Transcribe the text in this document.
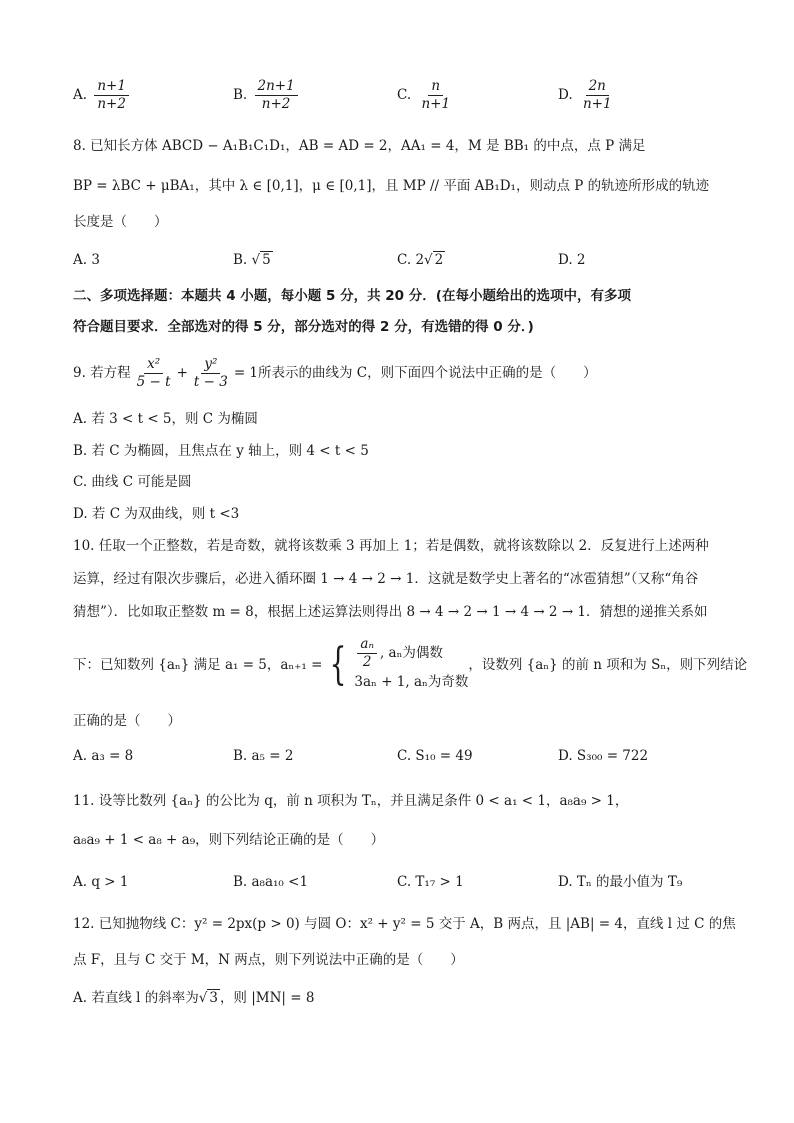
A. $\frac{n+1}{n+2}$	B. $\frac{2n+1}{n+2}$	C. $\frac{n}{n+1}$	D. $\frac{2n}{n+1}$
8. 已知长方体 ABCD − A₁B₁C₁D₁，AB = AD = 2，AA₁ = 4，M 是 BB₁ 的中点，点 P 满足
BP = λBC + μBA₁，其中 λ ∈ [0,1]，μ ∈ [0,1]，且 MP // 平面 AB₁D₁，则动点 P 的轨迹所形成的轨迹
长度是（　　）
A. 3	B. √ 5	C. 2√ 2	D. 2
二、多项选择题：本题共 4 小题，每小题 5 分，共 20 分．(在每小题给出的选项中，有多项
符合题目要求．全部选对的得 5 分，部分选对的得 2 分，有选错的得 0 分．)
9. 若方程 $\frac{\text{x²}}{5 - t} + \frac{\text{y²}}{t - 3} = 1$所表示的曲线为 C，则下面四个说法中正确的是（　　）
A. 若 3 < t < 5，则 C 为椭圆
B. 若 C 为椭圆，且焦点在 y 轴上，则 4 < t < 5
C. 曲线 C 可能是圆
D. 若 C 为双曲线，则 t <3
10. 任取一个正整数，若是奇数，就将该数乘 3 再加上 1；若是偶数，就将该数除以 2．反复进行上述两种
运算，经过有限次步骤后，必进入循环圈 1 → 4 → 2 → 1．这就是数学史上著名的“冰雹猜想”（又称“角谷
猜想”）．比如取正整数 m = 8，根据上述运算法则得出 8 → 4 → 2 → 1 → 4 → 2 → 1．猜想的递推关系如
下：已知数列 {aₙ} 满足 a₁ = 5，aₙ₊₁ = { $\frac{\text{aₙ}}{2}$ , aₙ为偶数
3aₙ + 1, aₙ为奇数
，设数列 {aₙ} 的前 n 项和为 Sₙ，则下列结论
正确的是（　　）
A. a₃ = 8	B. a₅ = 2	C. S₁₀ = 49	D. S₃₀₀ = 722
11. 设等比数列 {aₙ} 的公比为 q，前 n 项积为 Tₙ，并且满足条件 0 < a₁ < 1，a₈a₉ > 1，
a₈a₉ + 1 < a₈ + a₉，则下列结论正确的是（　　）
A. q > 1	B. a₈a₁₀ <1	C. T₁₇ > 1	D. Tₙ 的最小值为 T₉
12. 已知抛物线 C：y² = 2px(p > 0) 与圆 O：x² + y² = 5 交于 A，B 两点，且 |AB| = 4，直线 l 过 C 的焦
点 F，且与 C 交于 M，N 两点，则下列说法中正确的是（　　）
A. 若直线 l 的斜率为√ 3 ，则 |MN| = 8
